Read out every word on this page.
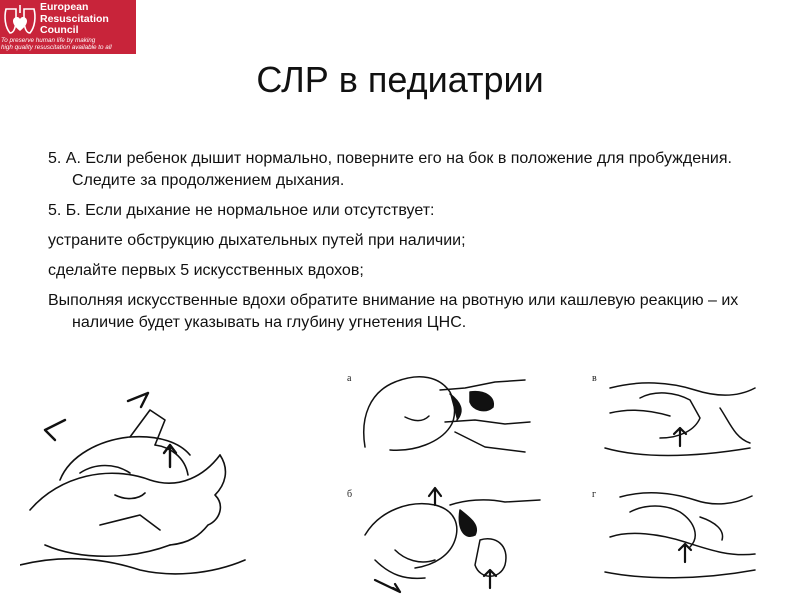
European
Resuscitation
Council
To preserve human life by making
high quality resuscitation available to all
СЛР в педиатрии

5. А. Если ребенок дышит нормально, поверните его на бок в положение для пробуждения. Следите за продолжением дыхания.

5. Б. Если дыхание не нормальное или отсутствует:

устраните обструкцию дыхательных путей при наличии;

сделайте первых 5 искусственных вдохов;

Выполняя искусственные вдохи обратите внимание на рвотную или кашлевую реакцию – их наличие будет указывать на глубину угнетения ЦНС.

а	в
б	г
